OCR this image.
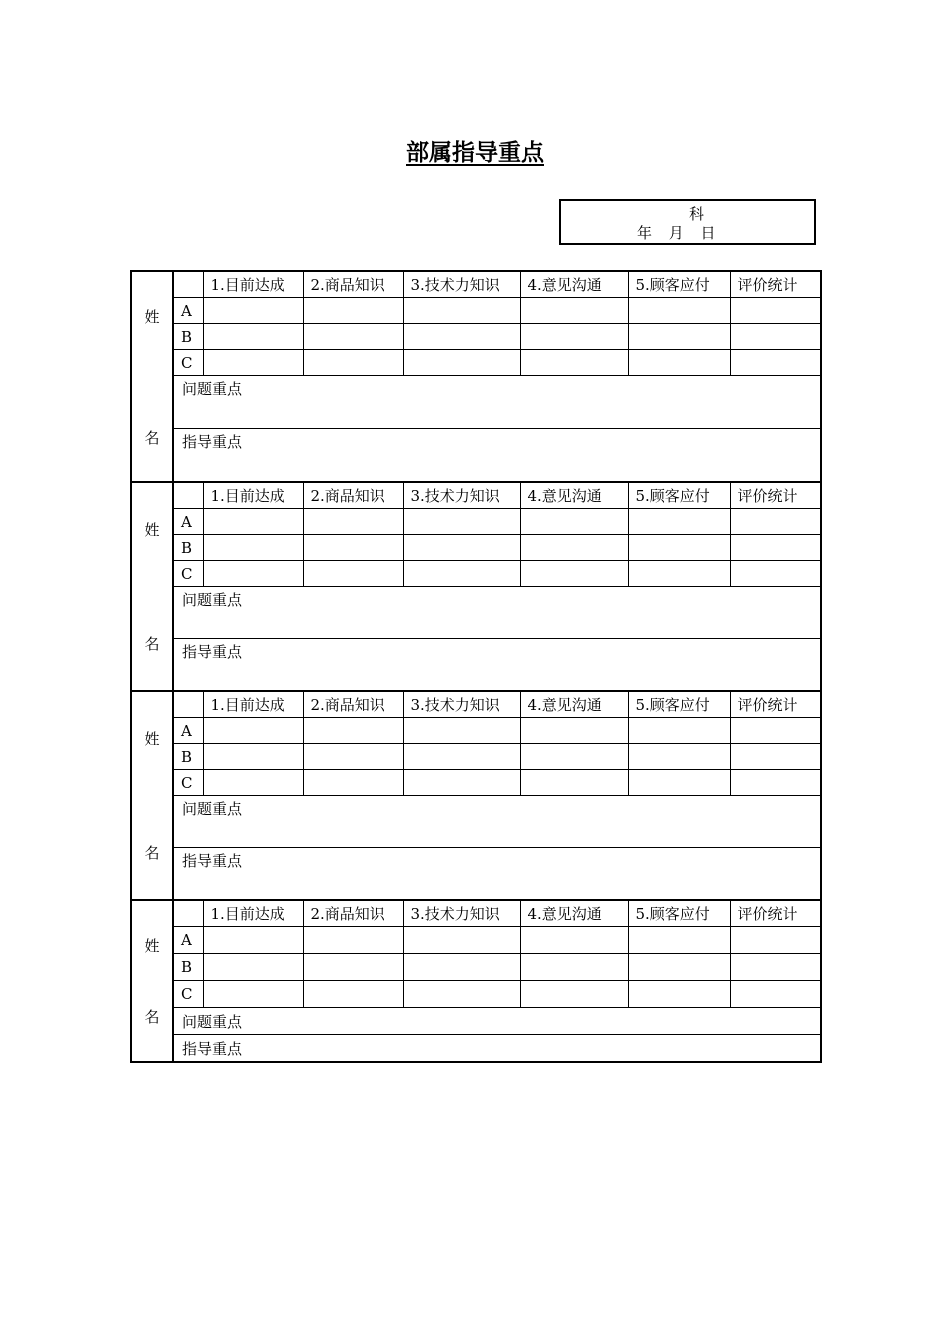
部属指导重点
科
年 月 日
姓
名		1.目前达成	2.商品知识	3.技术力知识	4.意见沟通	5.顾客应付	评价统计
	A						
	B						
	C						
	问题重点						
	指导重点						

姓
名		1.目前达成	2.商品知识	3.技术力知识	4.意见沟通	5.顾客应付	评价统计
	A						
	B						
	C						
	问题重点						
	指导重点						

姓
名		1.目前达成	2.商品知识	3.技术力知识	4.意见沟通	5.顾客应付	评价统计
	A						
	B						
	C						
	问题重点						
	指导重点						

姓
名		1.目前达成	2.商品知识	3.技术力知识	4.意见沟通	5.顾客应付	评价统计
	A						
	B						
	C						
	问题重点						
	指导重点						
